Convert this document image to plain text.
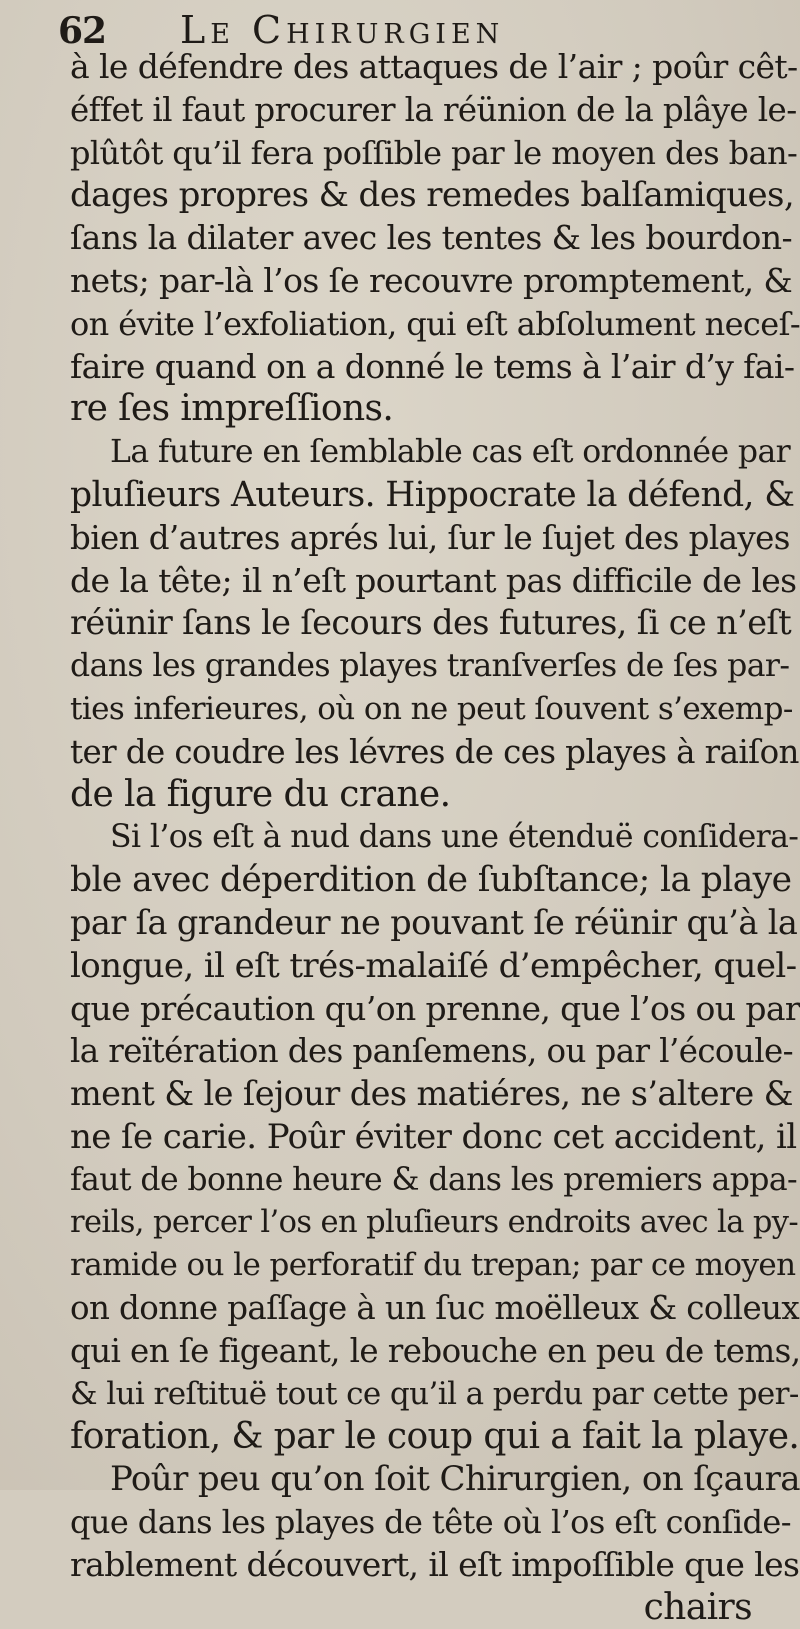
62 Le Chirurgien
à le défendre des attaques de l’air ; poûr cêt-
éffet il faut procurer la réünion de la plâye le-
plûtôt qu’il fera poſſible par le moyen des ban-
dages propres & des remedes balſamiques,
ſans la dilater avec les tentes & les bourdon-
nets; par-là l’os ſe recouvre promptement, &
on évite l’exfoliation, qui eſt abſolument neceſ-
faire quand on a donné le tems à l’air d’y fai-
re ſes impreſſions.
La future en ſemblable cas eſt ordonnée par
pluſieurs Auteurs. Hippocrate la défend, &
bien d’autres aprés lui, ſur le ſujet des playes
de la tête; il n’eſt pourtant pas difficile de les
réünir ſans le ſecours des futures, ſi ce n’eſt
dans les grandes playes tranſverſes de ſes par-
ties inferieures, où on ne peut ſouvent s’exemp-
ter de coudre les lévres de ces playes à raiſon
de la figure du crane.
Si l’os eſt à nud dans une étenduë conſidera-
ble avec déperdition de ſubſtance; la playe
par ſa grandeur ne pouvant ſe réünir qu’à la
longue, il eſt trés-malaiſé d’empêcher, quel-
que précaution qu’on prenne, que l’os ou par
la reïtération des panſemens, ou par l’écoule-
ment & le ſejour des matiéres, ne s’altere &
ne ſe carie. Poûr éviter donc cet accident, il
faut de bonne heure & dans les premiers appa-
reils, percer l’os en pluſieurs endroits avec la py-
ramide ou le perforatif du trepan; par ce moyen
on donne paſſage à un ſuc moëlleux & colleux
qui en ſe figeant, le rebouche en peu de tems,
& lui reſtituë tout ce qu’il a perdu par cette per-
foration, & par le coup qui a fait la playe.
Poûr peu qu’on ſoit Chirurgien, on ſçaura
que dans les playes de tête où l’os eſt conſide-
rablement découvert, il eſt impoſſible que les
chairs
